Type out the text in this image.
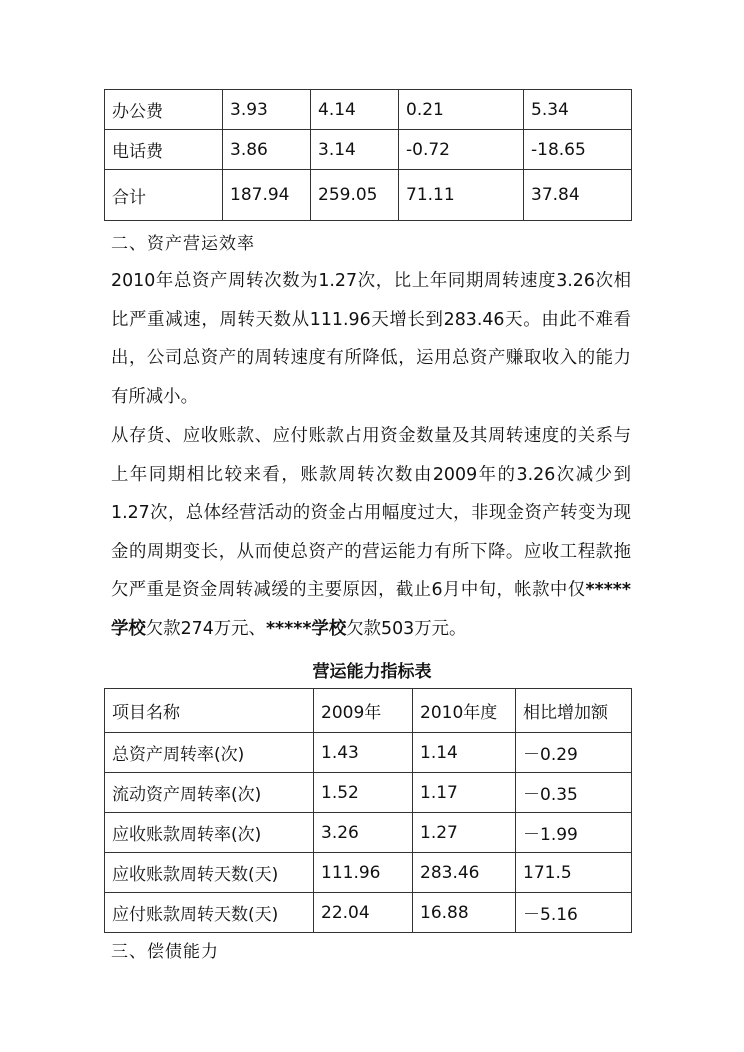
办公费	3.93	4.14	0.21	5.34
电话费	3.86	3.14	-0.72	-18.65
合计	187.94	259.05	71.11	37.84
二、资产营运效率

2010年总资产周转次数为1.27次，比上年同期周转速度3.26次相比严重减速，周转天数从111.96天增长到283.46天。由此不难看出，公司总资产的周转速度有所降低，运用总资产赚取收入的能力有所减小。

从存货、应收账款、应付账款占用资金数量及其周转速度的关系与上年同期相比较来看，账款周转次数由2009年的3.26次减少到1.27次，总体经营活动的资金占用幅度过大，非现金资产转变为现金的周期变长，从而使总资产的营运能力有所下降。应收工程款拖欠严重是资金周转减缓的主要原因，截止6月中旬，帐款中仅*****学校欠款274万元、*****学校欠款503万元。

营运能力指标表
项目名称	2009年	2010年度	相比增加额
总资产周转率(次)	1.43	1.14	－0.29
流动资产周转率(次)	1.52	1.17	－0.35
应收账款周转率(次)	3.26	1.27	－1.99
应收账款周转天数(天)	111.96	283.46	171.5
应付账款周转天数(天)	22.04	16.88	－5.16
三、偿债能力
